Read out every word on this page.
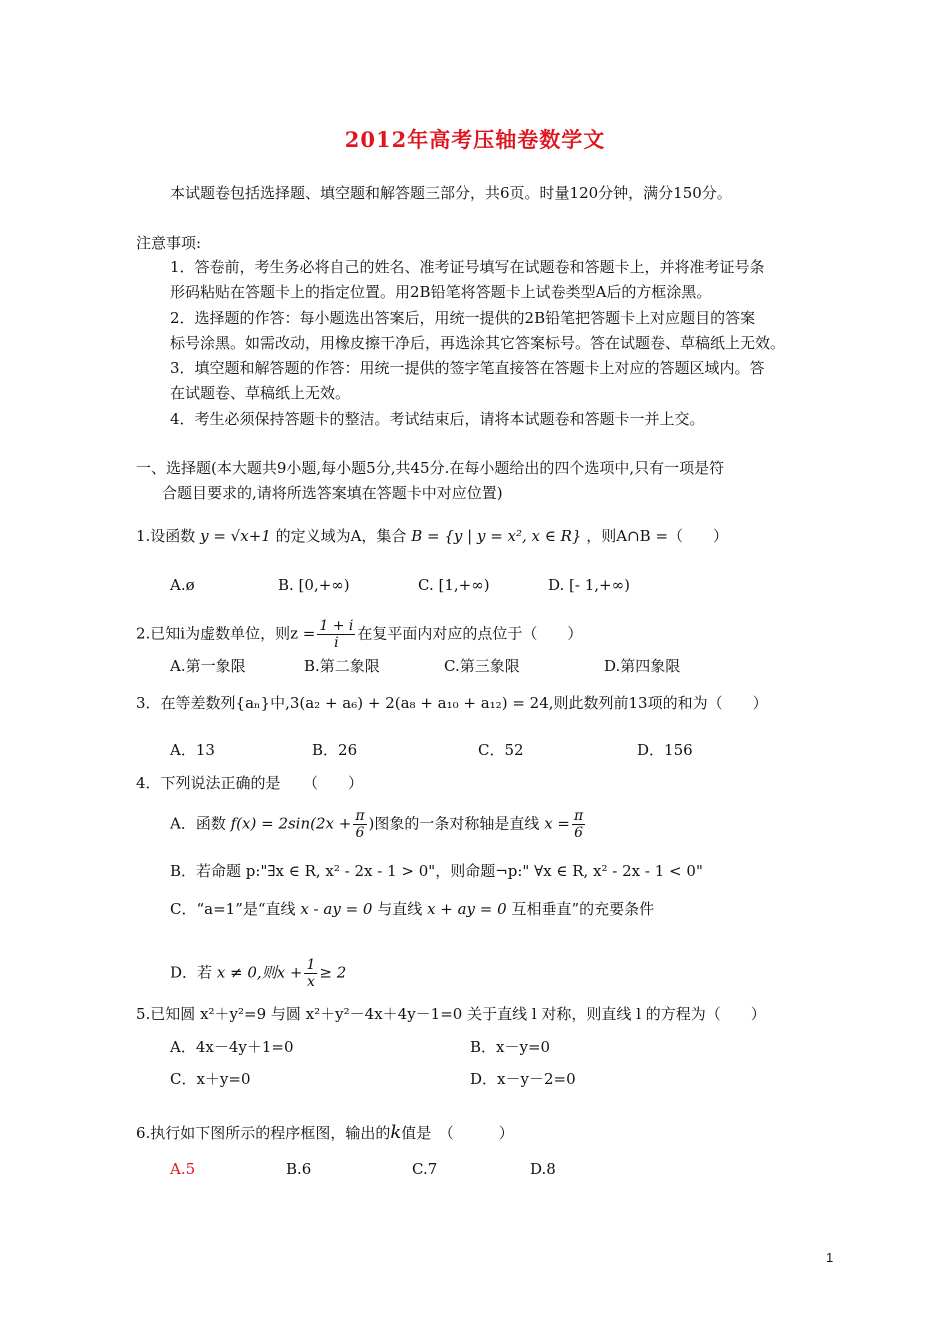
2012年高考压轴卷数学文
本试题卷包括选择题、填空题和解答题三部分，共6页。时量120分钟，满分150分。
注意事项:
1．答卷前，考生务必将自己的姓名、准考证号填写在试题卷和答题卡上，并将准考证号条
形码粘贴在答题卡上的指定位置。用2B铅笔将答题卡上试卷类型A后的方框涂黑。
2．选择题的作答：每小题选出答案后，用统一提供的2B铅笔把答题卡上对应题目的答案
标号涂黑。如需改动，用橡皮擦干净后，再选涂其它答案标号。答在试题卷、草稿纸上无效。
3．填空题和解答题的作答：用统一提供的签字笔直接答在答题卡上对应的答题区域内。答
在试题卷、草稿纸上无效。
4．考生必须保持答题卡的整洁。考试结束后，请将本试题卷和答题卡一并上交。
一、选择题(本大题共9小题,每小题5分,共45分.在每小题给出的四个选项中,只有一项是符
合题目要求的,请将所选答案填在答题卡中对应位置)
1.设函数 y = √x+1 的定义域为A，集合 B = {y | y = x², x ∈ R} ，则A∩B =（　　）
A.ø	B. [0,+∞)	C. [1,+∞)	D. [- 1,+∞)
2.已知i为虚数单位，则$z = \frac{1 + i}{i}$ 在复平面内对应的点位于（　　）
A.第一象限	B.第二象限	C.第三象限	D.第四象限
3．在等差数列{aₙ}中,3(a₂ + a₆) + 2(a₈ + a₁₀ + a₁₂) = 24,则此数列前13项的和为（　　）
A．13	B．26	C．52	D．156
4．下列说法正确的是　　（　　）
A．函数 $f(x) = 2\sin(2x + \frac{\pi}{6}$ )图象的一条对称轴是直线 $x = \frac{\pi}{6}$
B．若命题 p:"∃x ∈ R, x² - 2x - 1 > 0"，则命题¬p:" ∀x ∈ R, x² - 2x - 1 < 0"
C．“a=1”是“直线 x - ay = 0 与直线 x + ay = 0 互相垂直”的充要条件
D．若 x ≠ 0,则$x + \frac{1}{x} \ge 2$
5.已知圆 x²＋y²=9 与圆 x²＋y²－4x＋4y－1=0 关于直线 l 对称，则直线 l 的方程为（　　）
A．4x－4y＋1=0	B．x－y=0
C．x＋y=0	D．x－y－2=0
6.执行如下图所示的程序框图，输出的k值是　（　　　）
A.5	B.6	C.7	D.8
1
